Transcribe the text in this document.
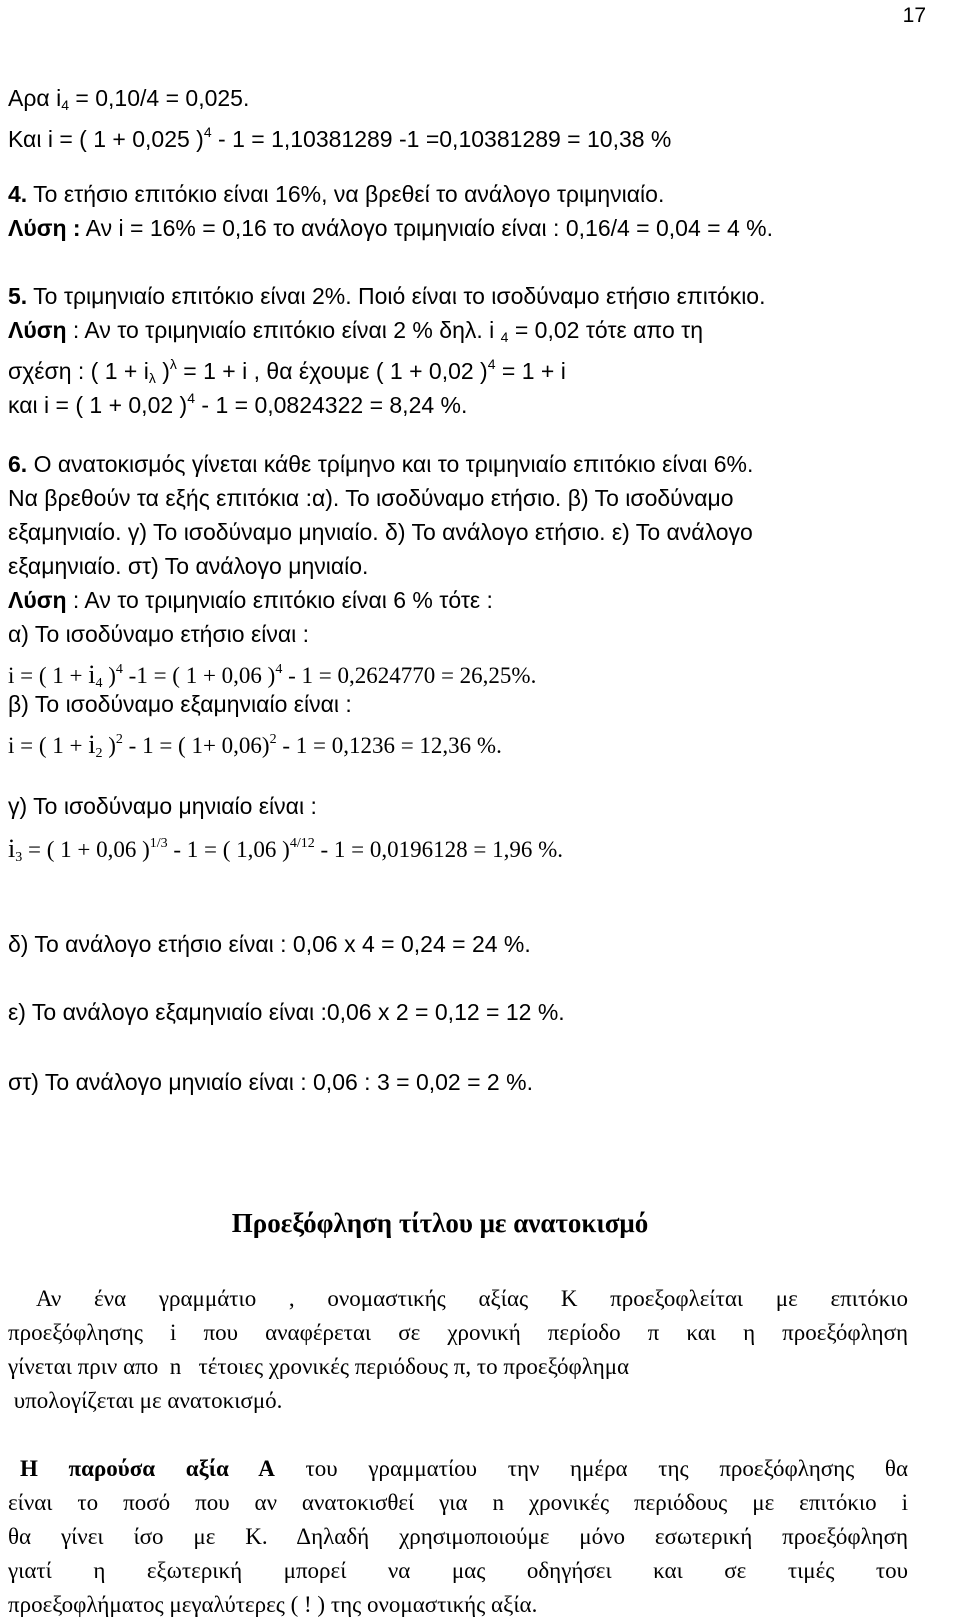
17
Αρα $i_4 = 0,10/4 = 0,025$.
Και i = ( 1 + 0,025 )$^4$ - 1 = 1,10381289 -1 =0,10381289 = 10,38 %
4. Το ετήσιο επιτόκιο είναι 16%, να βρεθεί το ανάλογο τριμηνιαίο.
Λύση : Αν i = 16% = 0,16 το ανάλογο τριμηνιαίο είναι : 0,16/4 = 0,04 = 4 %.
5. Το τριμηνιαίο επιτόκιο είναι 2%. Ποιό είναι το ισοδύναμο ετήσιο επιτόκιο.
Λύση : Αν το τριμηνιαίο επιτόκιο είναι 2 % δηλ. i $_4$ = 0,02 τότε απο τη
σχέση : ( $1 + i_\lambda$ )$^\lambda$ = 1 + i , θα έχουμε ( 1 + 0,02 )$^4$ = 1 + i
και i = ( 1 + 0,02 )$^4$ - 1 = 0,0824322 = 8,24 %.
6. Ο ανατοκισμός γίνεται κάθε τρίμηνο και το τριμηνιαίο επιτόκιο είναι 6%.
Να βρεθούν τα εξής επιτόκια :α). Το ισοδύναμο ετήσιο. β) Το ισοδύναμο
εξαμηνιαίο. γ) Το ισοδύναμο μηνιαίο. δ) Το ανάλογο ετήσιο. ε) Το ανάλογο
εξαμηνιαίο. στ) Το ανάλογο μηνιαίο.
Λύση : Αν το τριμηνιαίο επιτόκιο είναι 6 % τότε :
α) Το ισοδύναμο ετήσιο είναι :
i = ( $1 + i_4$ )$^4$ -1 = ( 1 + 0,06 )$^4$ - 1 = 0,2624770 = 26,25%.
β) Το ισοδύναμο εξαμηνιαίο είναι :
i = ( $1 + i_2$ )$^2$ - 1 = ( 1+ 0,06)$^2$ - 1 = 0,1236 = 12,36 %.
γ) Το ισοδύναμο μηνιαίο είναι :
$i_3$ = ( 1 + 0,06 )$^{1/3}$ - 1 = ( 1,06 )$^{4/12}$ - 1 = 0,0196128 = 1,96 %.
δ) Το ανάλογο ετήσιο είναι : 0,06 x 4 = 0,24 = 24 %.
ε) Το ανάλογο εξαμηνιαίο είναι :0,06 x 2 = 0,12 = 12 %.
στ) Το ανάλογο μηνιαίο είναι : 0,06 : 3 = 0,02 = 2 %.
Προεξόφληση τίτλου με ανατοκισμό
Αν ένα γραμμάτιο , ονομαστικής αξίας Κ προεξοφλείται με επιτόκιο
προεξόφλησης i που αναφέρεται σε χρονική περίοδο π και η προεξόφληση
γίνεται πριν απο  n   τέτοιες χρονικές περιόδους π, το προεξόφλημα
υπολογίζεται με ανατοκισμό.
Η παρούσα αξία Α του γραμματίου την ημέρα της προεξόφλησης θα
είναι το ποσό που αν ανατοκισθεί για n χρονικές περιόδους με επιτόκιο i
θα γίνει ίσο με Κ. Δηλαδή χρησιμοποιούμε μόνο εσωτερική προεξόφληση
γιατί η εξωτερική μπορεί να μας οδηγήσει και σε τιμές του
προεξοφλήματος μεγαλύτερες ( ! ) της ονομαστικής αξία.
